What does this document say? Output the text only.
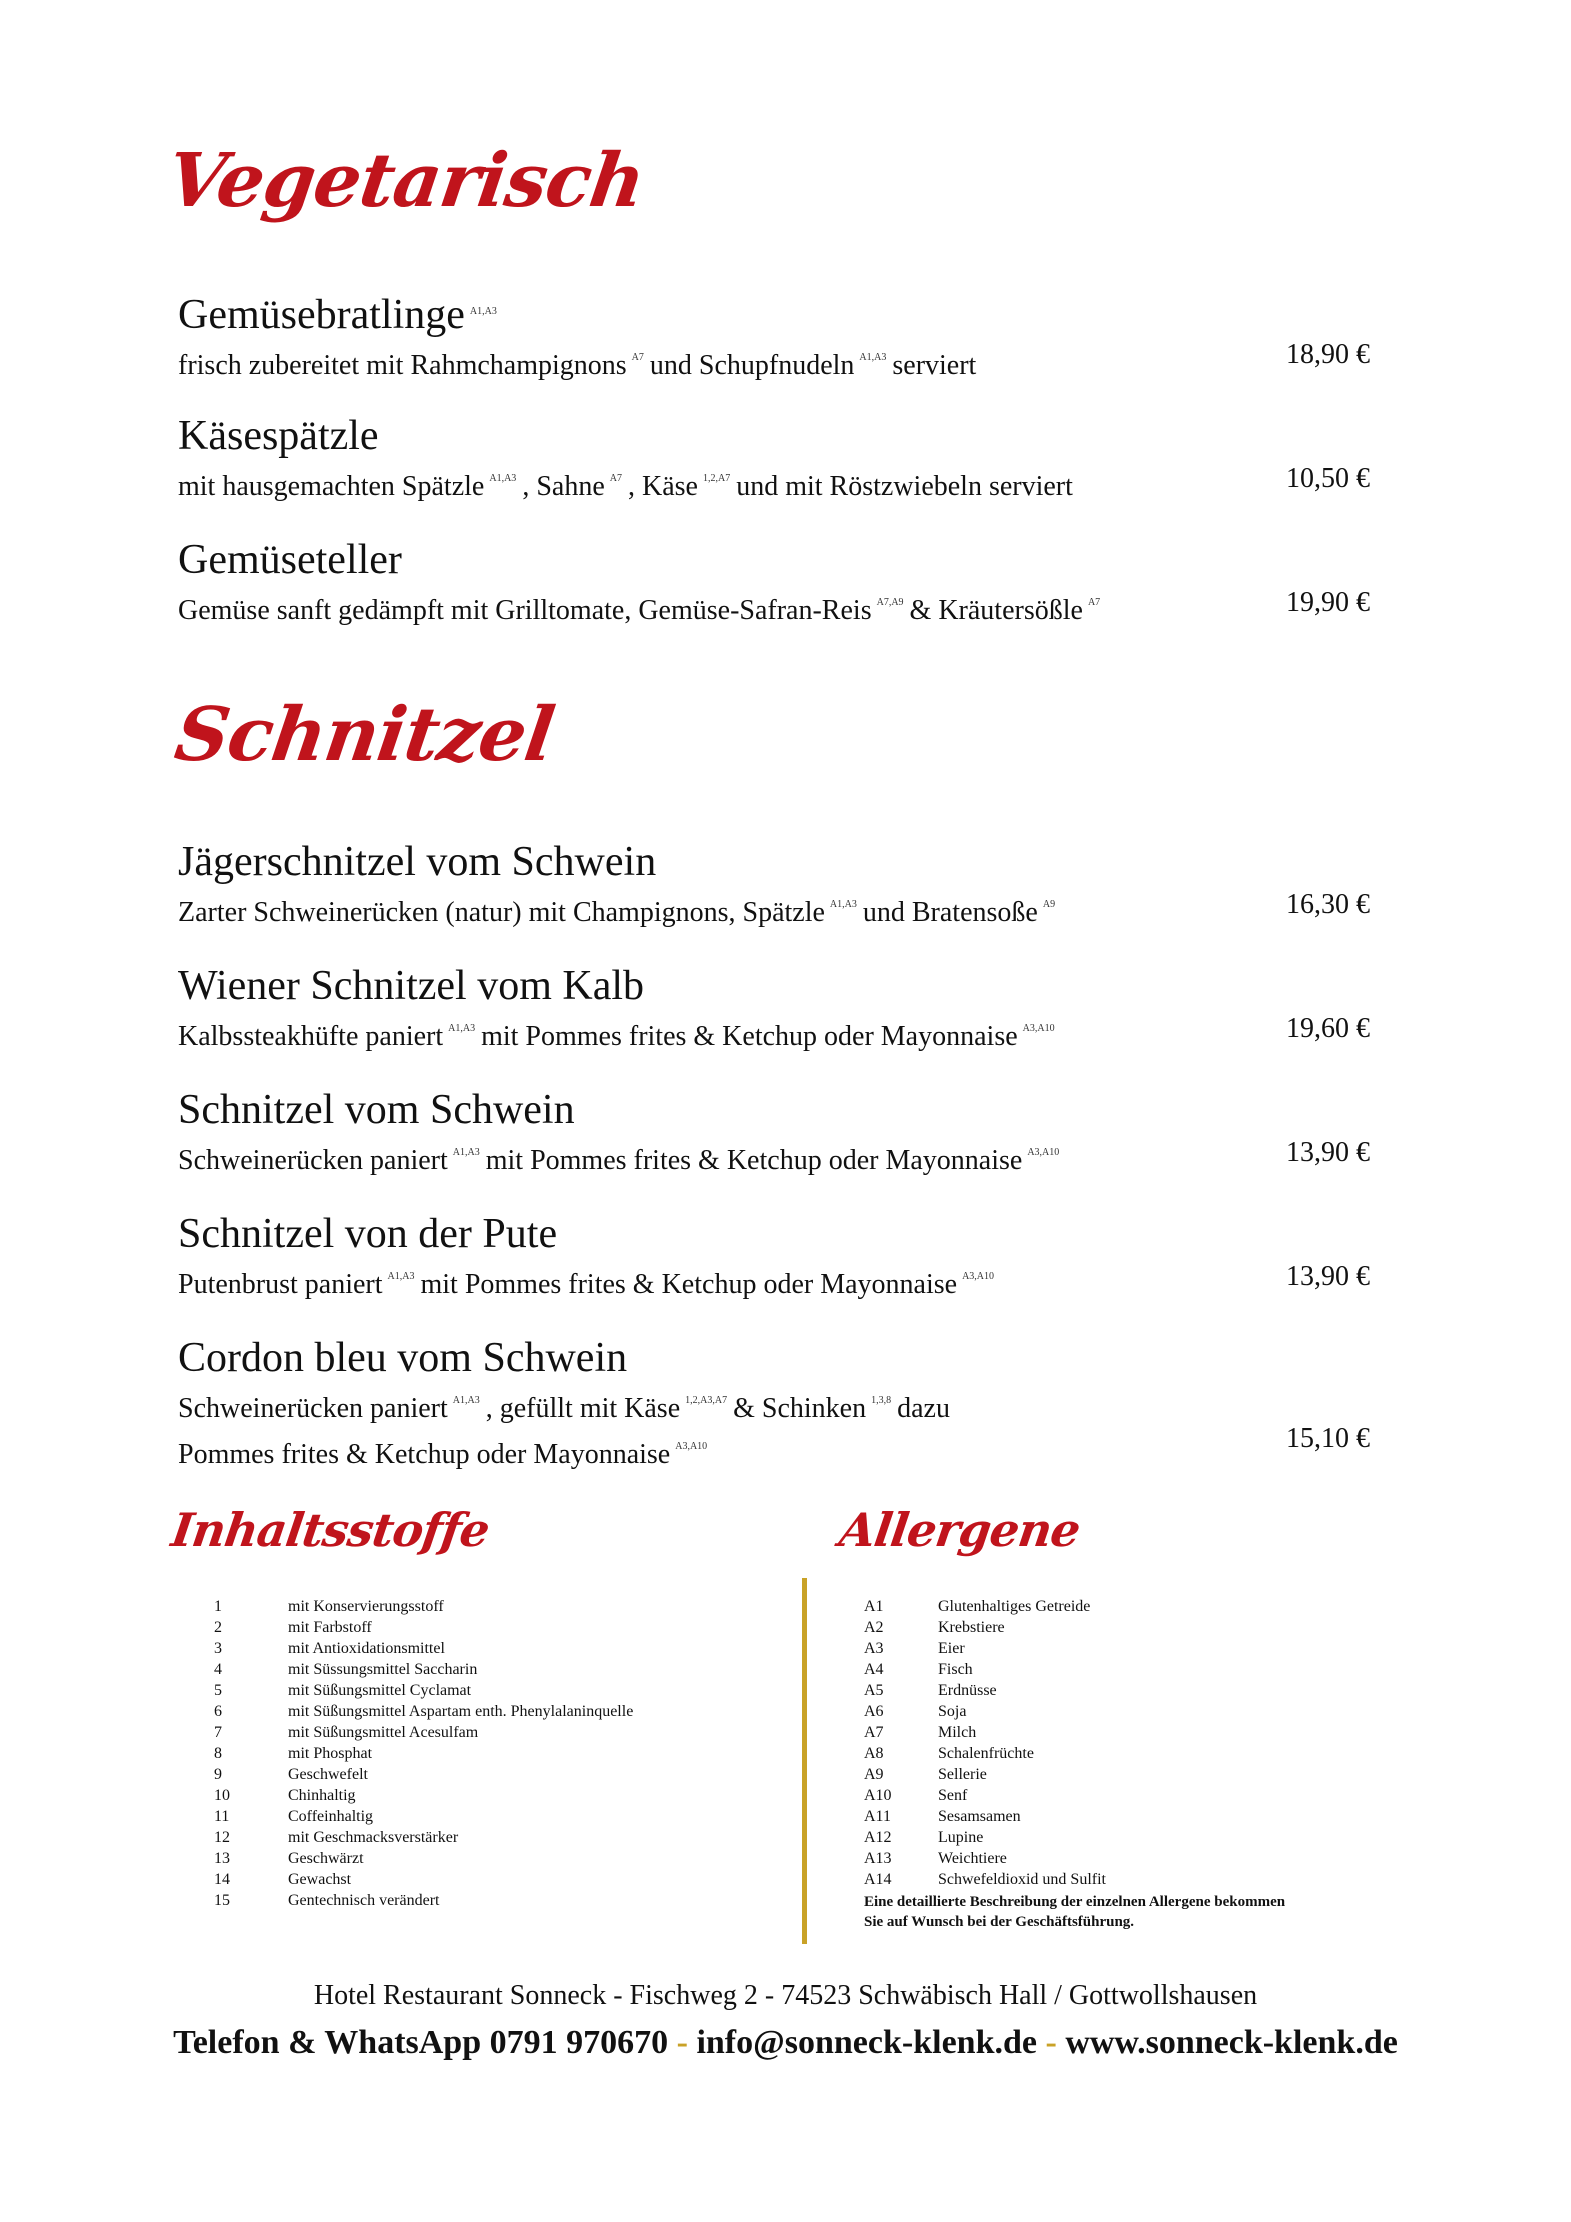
Vegetarisch
Schnitzel
Inhaltsstoffe	Allergene
Gemüsebratlinge $^{A1,A3}$
frisch zubereitet mit Rahmchampignons $^{A7}$ und Schupfnudeln $^{A1,A3}$ serviert	18,90 €
Käsespätzle
mit hausgemachten Spätzle $^{A1,A3}$ , Sahne $^{A7}$ , Käse $^{1,2,A7}$ und mit Röstzwiebeln serviert	10,50 €
Gemüseteller
Gemüse sanft gedämpft mit Grilltomate, Gemüse-Safran-Reis $^{A7,A9}$ & Kräutersößle $^{A7}$	19,90 €
Jägerschnitzel vom Schwein
Zarter Schweinerücken (natur) mit Champignons, Spätzle $^{A1,A3}$ und Bratensoße $^{A9}$	16,30 €
Wiener Schnitzel vom Kalb
Kalbssteakhüfte paniert $^{A1,A3}$ mit Pommes frites & Ketchup oder Mayonnaise $^{A3,A10}$	19,60 €
Schnitzel vom Schwein
Schweinerücken paniert $^{A1,A3}$ mit Pommes frites & Ketchup oder Mayonnaise $^{A3,A10}$	13,90 €
Schnitzel von der Pute
Putenbrust paniert $^{A1,A3}$ mit Pommes frites & Ketchup oder Mayonnaise $^{A3,A10}$	13,90 €
Cordon bleu vom Schwein
Schweinerücken paniert $^{A1,A3}$ , gefüllt mit Käse $^{1,2,A3,A7}$ & Schinken $^{1,3,8}$ dazu
Pommes frites & Ketchup oder Mayonnaise $^{A3,A10}$	15,10 €
1	mit Konservierungsstoff
2	mit Farbstoff
3	mit Antioxidationsmittel
4	mit Süssungsmittel Saccharin
5	mit Süßungsmittel Cyclamat
6	mit Süßungsmittel Aspartam enth. Phenylalaninquelle
7	mit Süßungsmittel Acesulfam
8	mit Phosphat
9	Geschwefelt
10	Chinhaltig
11	Coffeinhaltig
12	mit Geschmacksverstärker
13	Geschwärzt
14	Gewachst
15	Gentechnisch verändert
A1	Glutenhaltiges Getreide
A2	Krebstiere
A3	Eier
A4	Fisch
A5	Erdnüsse
A6	Soja
A7	Milch
A8	Schalenfrüchte
A9	Sellerie
A10	Senf
A11	Sesamsamen
A12	Lupine
A13	Weichtiere
A14	Schwefeldioxid und Sulfit
Eine detaillierte Beschreibung der einzelnen Allergene bekommen
Sie auf Wunsch bei der Geschäftsführung.
Hotel Restaurant Sonneck - Fischweg 2 - 74523 Schwäbisch Hall / Gottwollshausen
Telefon & WhatsApp 0791 970670 - info@sonneck-klenk.de - www.sonneck-klenk.de
